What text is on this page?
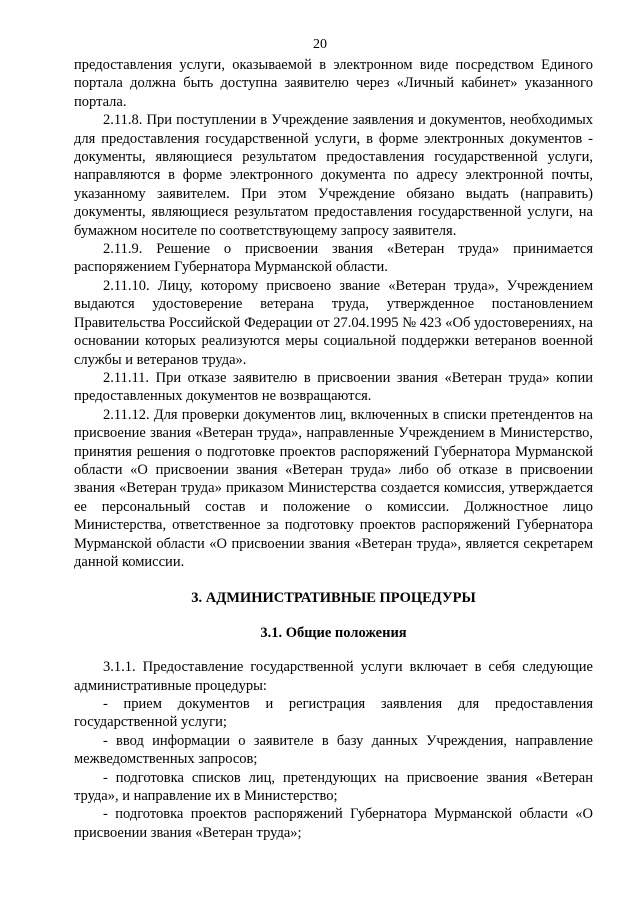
20

предоставления услуги, оказываемой в электронном виде посредством Единого портала должна быть доступна заявителю через «Личный кабинет» указанного портала.

2.11.8. При поступлении в Учреждение заявления и документов, необходимых для предоставления государственной услуги, в форме электронных документов - документы, являющиеся результатом предоставления государственной услуги, направляются в форме электронного документа по адресу электронной почты, указанному заявителем. При этом Учреждение обязано выдать (направить) документы, являющиеся результатом предоставления государственной услуги, на бумажном носителе по соответствующему запросу заявителя.

2.11.9. Решение о присвоении звания «Ветеран труда» принимается распоряжением Губернатора Мурманской области.

2.11.10. Лицу, которому присвоено звание «Ветеран труда», Учреждением выдаются удостоверение ветерана труда, утвержденное постановлением Правительства Российской Федерации от 27.04.1995 № 423 «Об удостоверениях, на основании которых реализуются меры социальной поддержки ветеранов военной службы и ветеранов труда».

2.11.11. При отказе заявителю в присвоении звания «Ветеран труда» копии предоставленных документов не возвращаются.

2.11.12. Для проверки документов лиц, включенных в списки претендентов на присвоение звания «Ветеран труда», направленные Учреждением в Министерство, принятия решения о подготовке проектов распоряжений Губернатора Мурманской области «О присвоении звания «Ветеран труда» либо об отказе в присвоении звания «Ветеран труда» приказом Министерства создается комиссия, утверждается ее персональный состав и положение о комиссии. Должностное лицо Министерства, ответственное за подготовку проектов распоряжений Губернатора Мурманской области «О присвоении звания «Ветеран труда», является секретарем данной комиссии.

3. АДМИНИСТРАТИВНЫЕ ПРОЦЕДУРЫ

3.1. Общие положения

3.1.1. Предоставление государственной услуги включает в себя следующие административные процедуры:

- прием документов и регистрация заявления для предоставления государственной услуги;

- ввод информации о заявителе в базу данных Учреждения, направление межведомственных запросов;

- подготовка списков лиц, претендующих на присвоение звания «Ветеран труда», и направление их в Министерство;

- подготовка проектов распоряжений Губернатора Мурманской области «О присвоении звания «Ветеран труда»;
